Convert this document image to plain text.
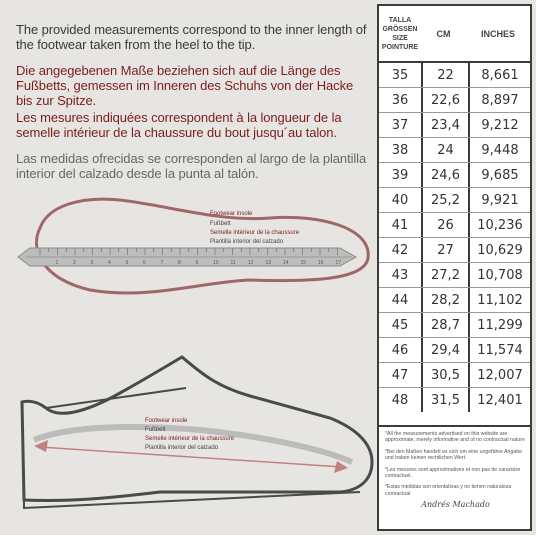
The provided measurements correspond to the inner length of the footwear taken from the heel to the tip.
Die angegebenen Maße beziehen sich auf die Länge des Fußbetts, gemessen im Inneren des Schuhs von der Hacke bis zur Spitze.
Les mesures indiquées correspondent à la longueur de la semelle intérieur de la chaussure du bout jusqu´au talon.
Las medidas ofrecidas se corresponden al largo de la plantilla interior del calzado desde la punta al talón.
1	2	3	4	5	6	7	8	9	10 11 12 13 14 15 16 17
Footwear insole
Fußbett
Semelle intérieur de la chaussure
Plantilla interior del calzado
Footwear insole
Fußbett
Semelle intérieur de la chaussure
Plantilla interior del calzado
TALLA
GRÖSSEN
SIZE
POINTURE
CM	INCHES
35	22	8,661
36	22,6	8,897
37	23,4	9,212
38	24	9,448
39	24,6	9,685
40	25,2	9,921
41	26	10,236
42	27	10,629
43	27,2	10,708
44	28,2	11,102
45	28,7	11,299
46	29,4	11,574
47	30,5	12,007
48	31,5	12,401
*All the measurements advertised on this website are approximate, merely informative and of no contractual nature
*Bei den Maßen handelt es sich um eine ungefähre Angabe und haben keinen rechtlichen Wert.
*Les mesures sont approximatives et non pas de caractère contractuel.
*Estas medidas son orientativas y no tienen naturaleza contractual
Andrés Machado
